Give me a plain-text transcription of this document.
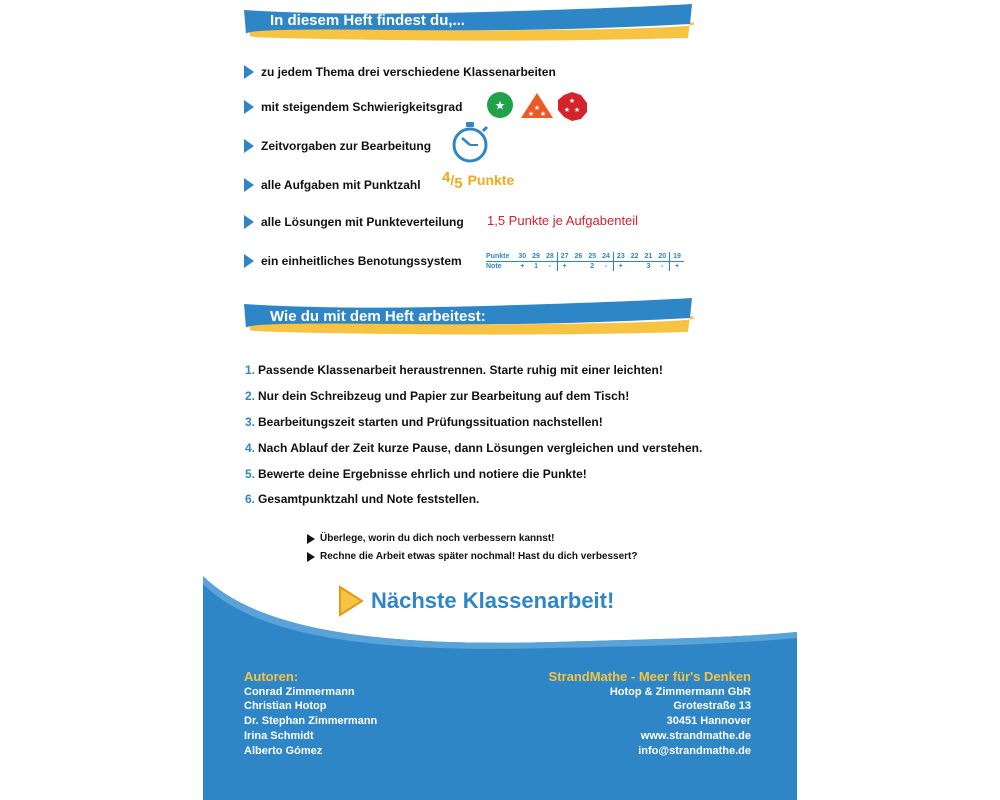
In diesem Heft findest du,...
zu jedem Thema drei verschiedene Klassenarbeiten
mit steigendem Schwierigkeitsgrad	★	★
★ ★
★
★ ★
Zeitvorgaben zur Bearbeitung
alle Aufgaben mit Punktzahl 4/5 Punkte
alle Lösungen mit Punkteverteilung 1,5 Punkte je Aufgabenteil
ein einheitliches Benotungssystem	Punkte	30	29	28	27	26	25	24	23	22	21	20	19
Note	+	1	-	+		2	-	+		3	-	+
Wie du mit dem Heft arbeitest:
1. Passende Klassenarbeit heraustrennen. Starte ruhig mit einer leichten!
2. Nur dein Schreibzeug und Papier zur Bearbeitung auf dem Tisch!
3. Bearbeitungszeit starten und Prüfungssituation nachstellen!
4. Nach Ablauf der Zeit kurze Pause, dann Lösungen vergleichen und verstehen.
5. Bewerte deine Ergebnisse ehrlich und notiere die Punkte!
6. Gesamtpunktzahl und Note feststellen.
Überlege, worin du dich noch verbessern kannst!
Rechne die Arbeit etwas später nochmal! Hast du dich verbessert?
Nächste Klassenarbeit!
Autoren:
Conrad Zimmermann
Christian Hotop
Dr. Stephan Zimmermann
Irina Schmidt
Alberto Gómez
StrandMathe - Meer für's Denken
Hotop & Zimmermann GbR
Grotestraße 13
30451 Hannover
www.strandmathe.de
info@strandmathe.de
